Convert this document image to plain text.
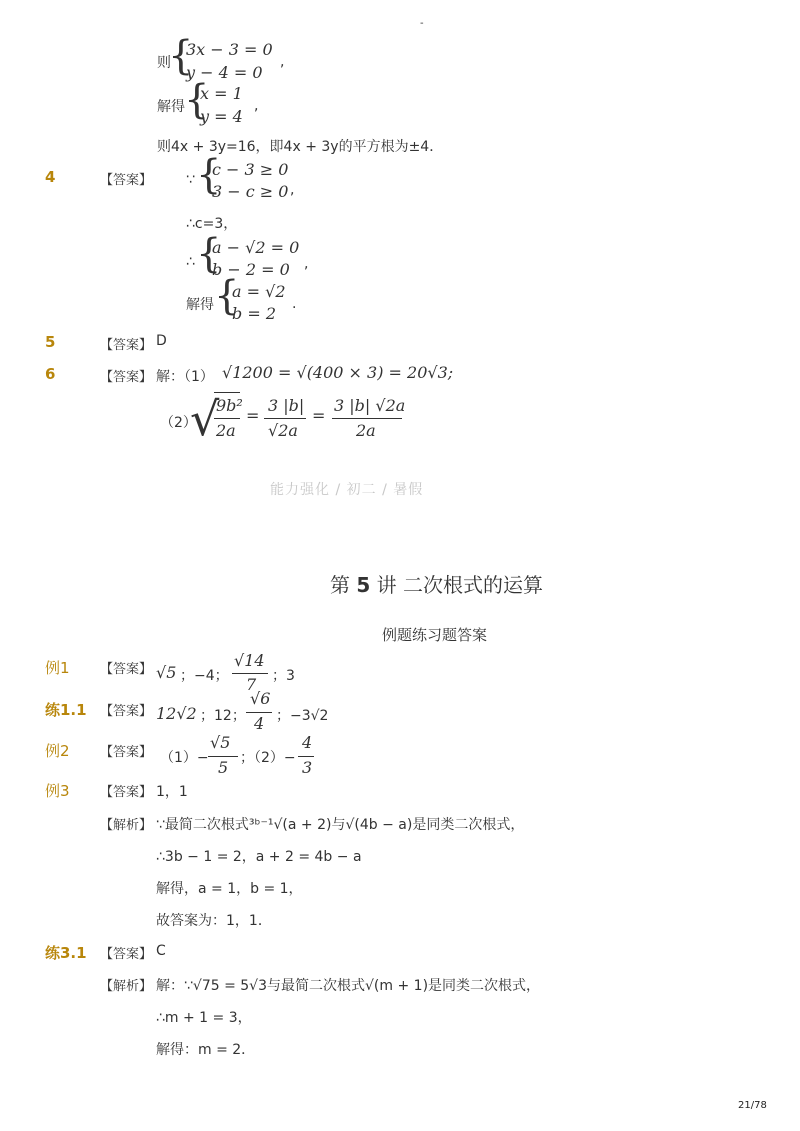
-
则
{
3x − 3 = 0
y − 4 = 0
,
解得 {
x = 1
y = 4
,
则4x + 3y=16，即4x + 3y的平方根为±4．
4	【答案】 ∵ {
c − 3 ≥ 0
3 − c ≥ 0 ,
∴c=3，
∴ {
a − √2 = 0
b − 2 = 0 ,
解得 {
a = √2
b = 2 .
5	【答案】 D
6	【答案】 解：（1） √1200 = √(400 × 3) = 20√3;
（2）
√
9b²
2a
=
3 |b|
√2a
=
3 |b| √2a
2a
能力强化 / 初二 / 暑假
第 5 讲 二次根式的运算
例题练习题答案
例1 【答案】 √5 ；−4；
√14
7 ；3
练1.1 【答案】 12√2 ；12；
√6
4 ；−3√2
例2 【答案】 （1）−
√5
5 ；（2）−
4
3
例3 【答案】 1，1
【解析】 ∵最简二次根式³ᵇ⁻¹√(a + 2)与√(4b − a)是同类二次根式，
∴3b − 1 = 2，a + 2 = 4b − a
解得，a = 1，b = 1，
故答案为：1，1．
练3.1 【答案】 C
【解析】 解：∵√75 = 5√3与最简二次根式√(m + 1)是同类二次根式，
∴m + 1 = 3，
解得：m = 2．
21/78
